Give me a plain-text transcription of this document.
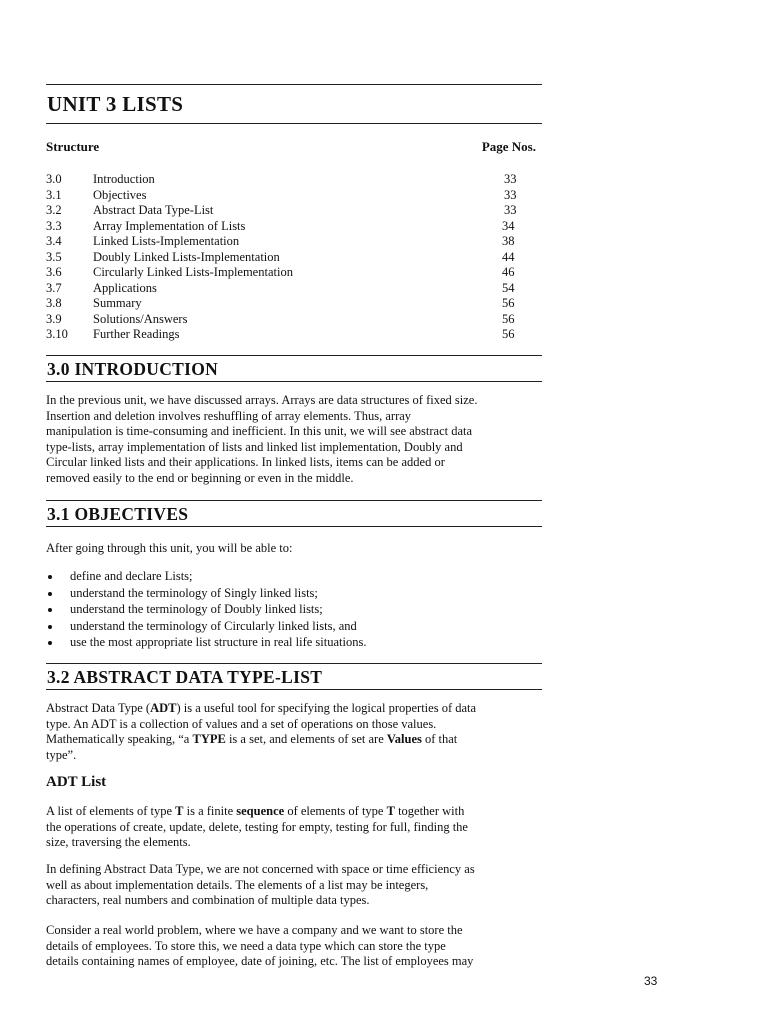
UNIT 3 LISTS
Structure	Page Nos.
3.0	Introduction	33
3.1	Objectives	33
3.2	Abstract Data Type-List	33
3.3	Array Implementation of Lists	34
3.4	Linked Lists-Implementation	38
3.5	Doubly Linked Lists-Implementation	44
3.6	Circularly Linked Lists-Implementation	46
3.7	Applications	54
3.8	Summary	56
3.9	Solutions/Answers	56
3.10 Further Readings	56
3.0 INTRODUCTION

In the previous unit, we have discussed arrays. Arrays are data structures of fixed size.

Insertion and deletion involves reshuffling of array elements. Thus, array

manipulation is time-consuming and inefficient. In this unit, we will see abstract data

type-lists, array implementation of lists and linked list implementation, Doubly and

Circular linked lists and their applications. In linked lists, items can be added or

removed easily to the end or beginning or even in the middle.

3.1 OBJECTIVES

After going through this unit, you will be able to:

define and declare Lists;
understand the terminology of Singly linked lists;
understand the terminology of Doubly linked lists;
understand the terminology of Circularly linked lists, and
use the most appropriate list structure in real life situations.
3.2 ABSTRACT DATA TYPE-LIST

Abstract Data Type (ADT) is a useful tool for specifying the logical properties of data

type. An ADT is a collection of values and a set of operations on those values.

Mathematically speaking, “a TYPE is a set, and elements of set are Values of that

type”.

ADT List

A list of elements of type T is a finite sequence of elements of type T together with

the operations of create, update, delete, testing for empty, testing for full, finding the

size, traversing the elements.

In defining Abstract Data Type, we are not concerned with space or time efficiency as

well as about implementation details. The elements of a list may be integers,

characters, real numbers and combination of multiple data types.

Consider a real world problem, where we have a company and we want to store the

details of employees. To store this, we need a data type which can store the type

details containing names of employee, date of joining, etc. The list of employees may

33
